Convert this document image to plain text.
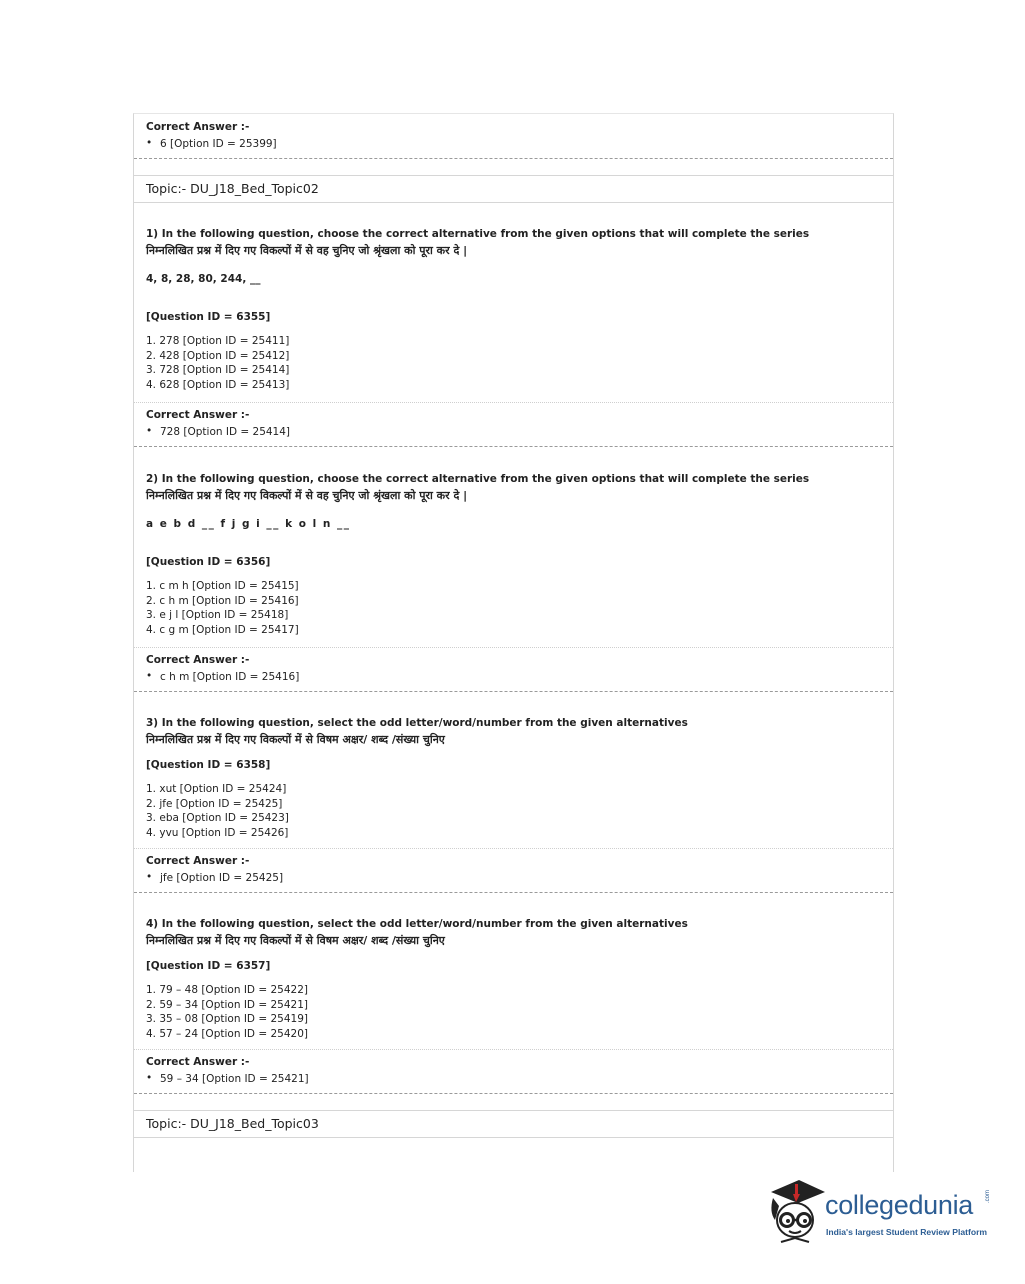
Correct Answer :-
• 6 [Option ID = 25399]
Topic:- DU_J18_Bed_Topic02
1) In the following question, choose the correct alternative from the given options that will complete the series
निम्नलिखित प्रश्न में दिए गए विकल्पों में से वह चुनिए जो श्रृंखला को पूरा कर दे |
4, 8, 28, 80, 244, __
[Question ID = 6355]
1. 278 [Option ID = 25411]
2. 428 [Option ID = 25412]
3. 728 [Option ID = 25414]
4. 628 [Option ID = 25413]
Correct Answer :-
• 728 [Option ID = 25414]
2) In the following question, choose the correct alternative from the given options that will complete the series
निम्नलिखित प्रश्न में दिए गए विकल्पों में से वह चुनिए जो श्रृंखला को पूरा कर दे |
a e b d __ f j g i __ k o l n __
[Question ID = 6356]
1. c m h [Option ID = 25415]
2. c h m [Option ID = 25416]
3. e j l [Option ID = 25418]
4. c g m [Option ID = 25417]
Correct Answer :-
• c h m [Option ID = 25416]
3) In the following question, select the odd letter/word/number from the given alternatives
निम्नलिखित प्रश्न में दिए गए विकल्पों में से विषम अक्षर/ शब्द /संख्या चुनिए
[Question ID = 6358]
1. xut [Option ID = 25424]
2. jfe [Option ID = 25425]
3. eba [Option ID = 25423]
4. yvu [Option ID = 25426]
Correct Answer :-
• jfe [Option ID = 25425]
4) In the following question, select the odd letter/word/number from the given alternatives
निम्नलिखित प्रश्न में दिए गए विकल्पों में से विषम अक्षर/ शब्द /संख्या चुनिए
[Question ID = 6357]
1. 79 – 48 [Option ID = 25422]
2. 59 – 34 [Option ID = 25421]
3. 35 – 08 [Option ID = 25419]
4. 57 – 24 [Option ID = 25420]
Correct Answer :-
• 59 – 34 [Option ID = 25421]
Topic:- DU_J18_Bed_Topic03
collegedunia .com
India's largest Student Review Platform
